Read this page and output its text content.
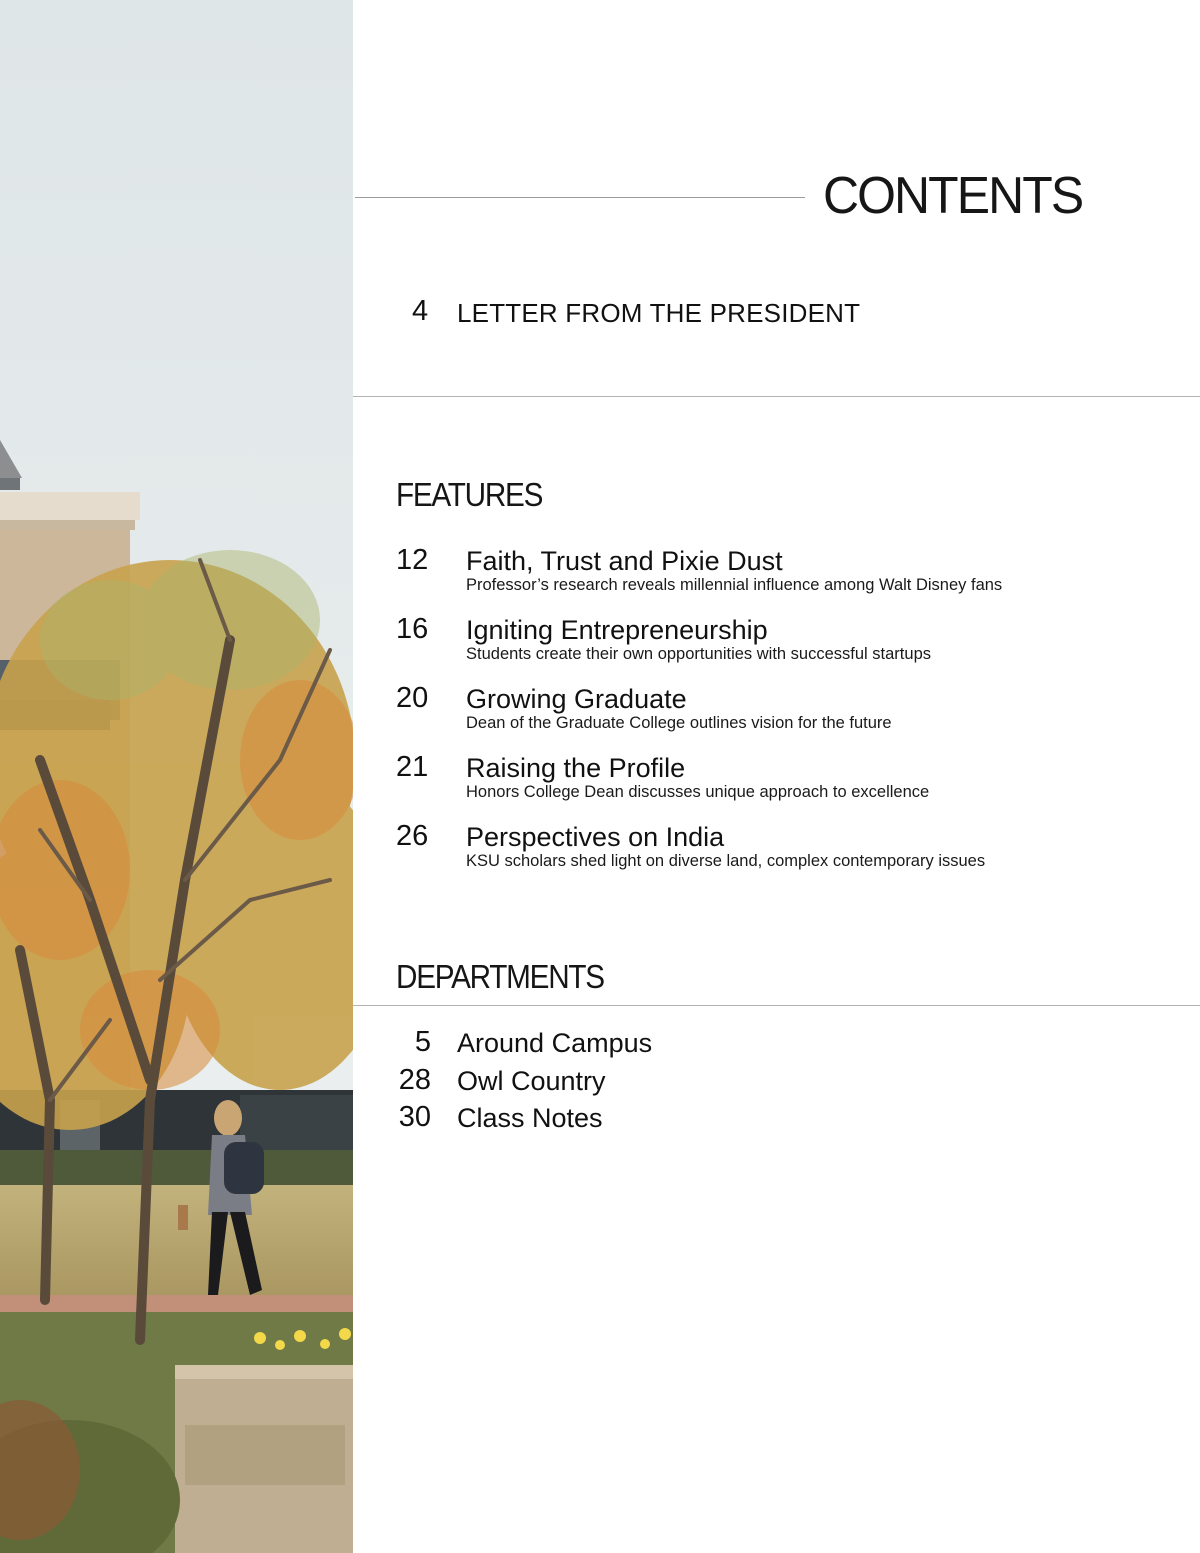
CONTENTS
4 LETTER FROM THE PRESIDENT
FEATURES
12 Faith, Trust and Pixie Dust
Professor’s research reveals millennial influence among Walt Disney fans
16 Igniting Entrepreneurship
Students create their own opportunities with successful startups
20 Growing Graduate
Dean of the Graduate College outlines vision for the future
21 Raising the Profile
Honors College Dean discusses unique approach to excellence
26 Perspectives on India
KSU scholars shed light on diverse land, complex contemporary issues
DEPARTMENTS
5 Around Campus
28 Owl Country
30 Class Notes
